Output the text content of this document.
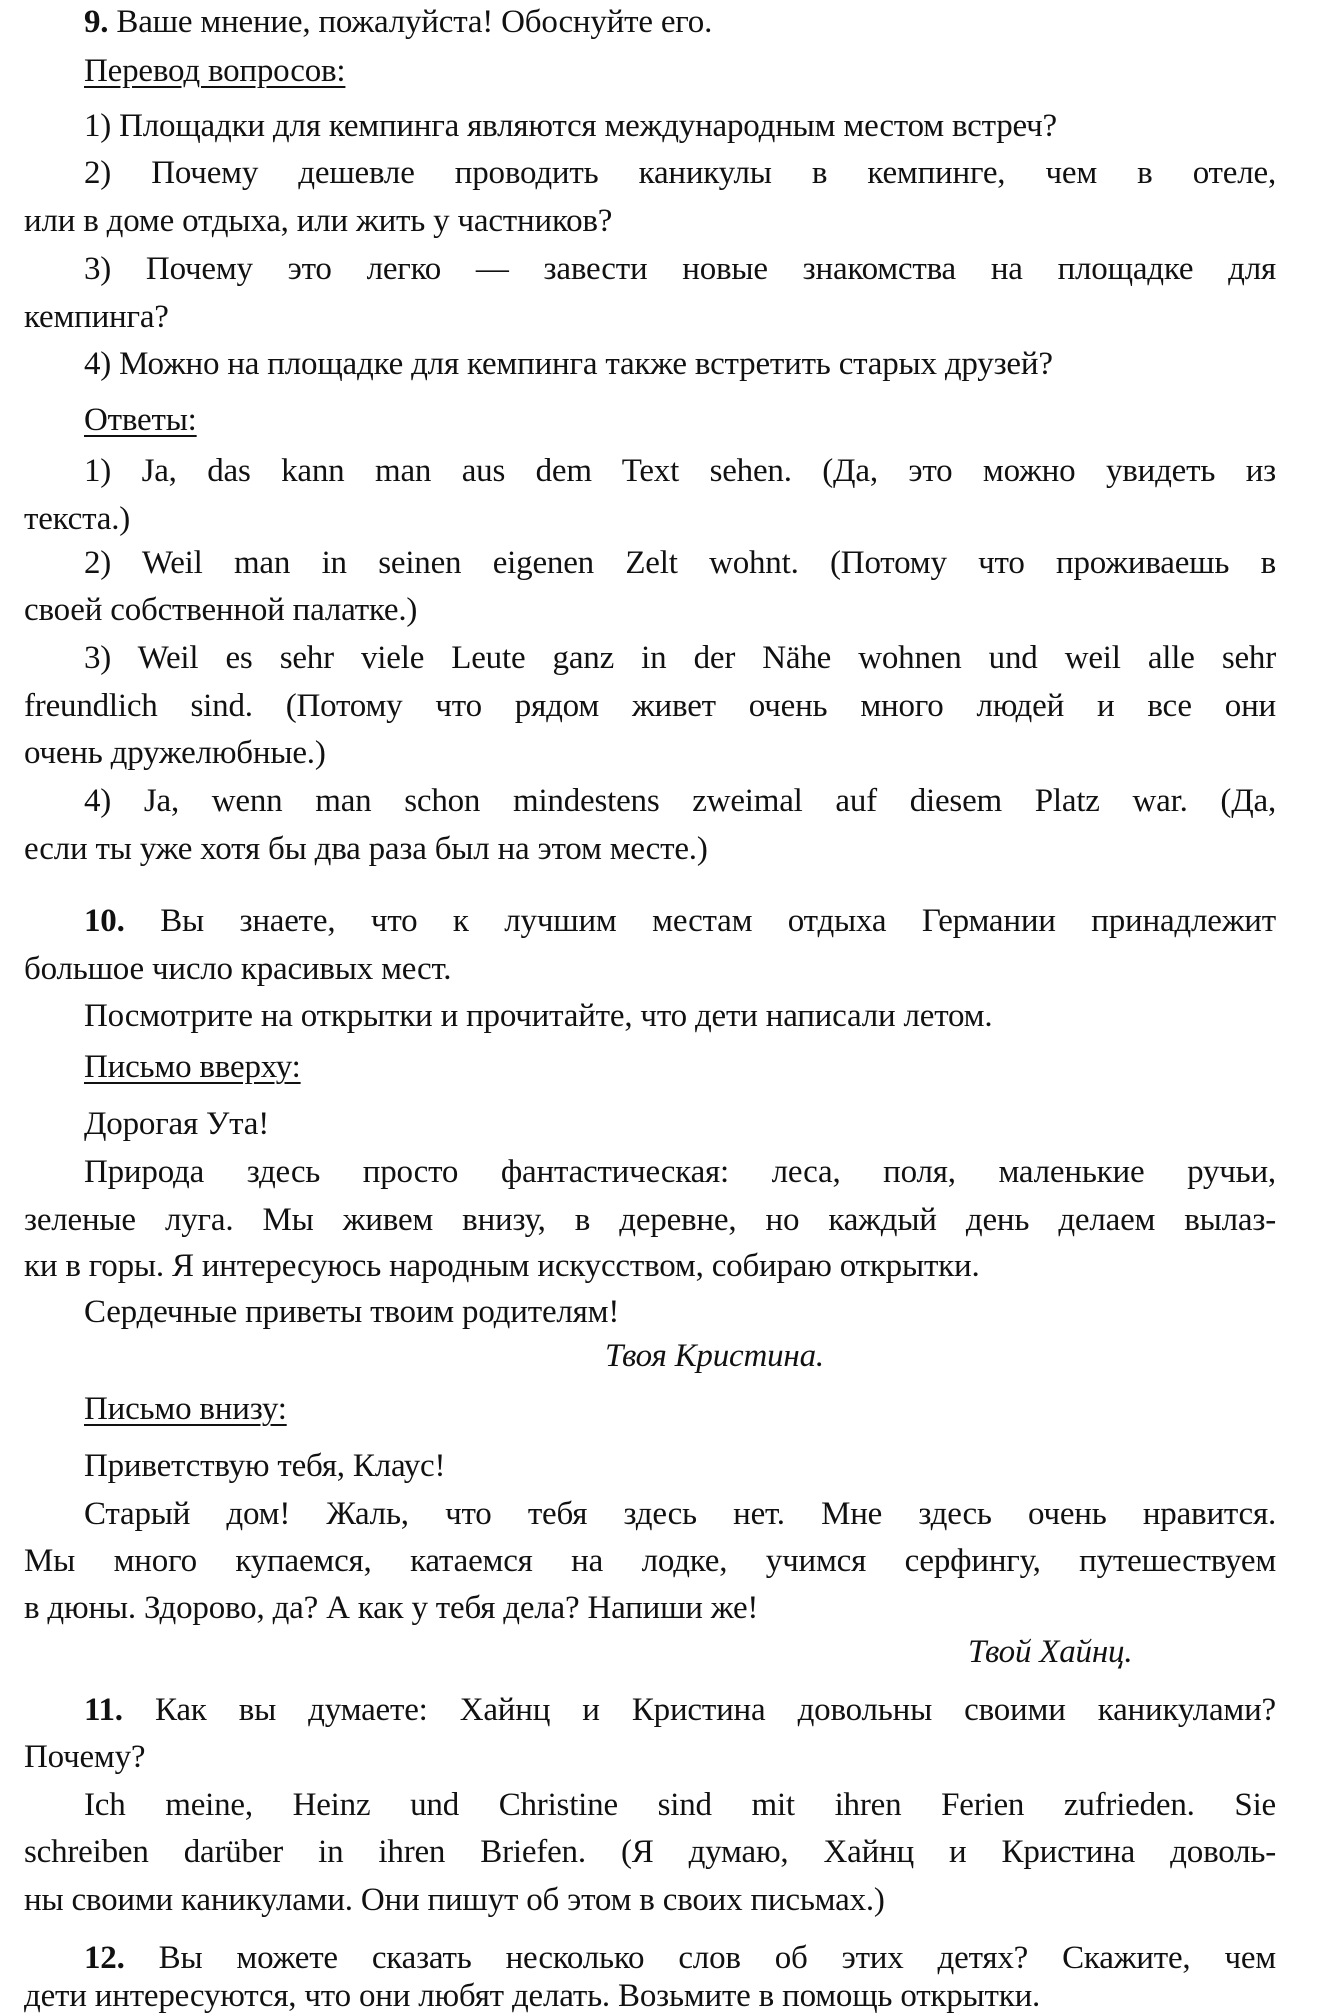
9. Ваше мнение, пожалуйста! Обоснуйте его.
Перевод вопросов:
1) Площадки для кемпинга являются международным местом встреч?
2) Почему дешевле проводить каникулы в кемпинге, чем в отеле,
или в доме отдыха, или жить у частников?
3) Почему это легко — завести новые знакомства на площадке для
кемпинга?
4) Можно на площадке для кемпинга также встретить старых друзей?
Ответы:
1) Ja, das kann man aus dem Text sehen. (Да, это можно увидеть из
текста.)
2) Weil man in seinen eigenen Zelt wohnt. (Потому что проживаешь в
своей собственной палатке.)
3) Weil es sehr viele Leute ganz in der Nähe wohnen und weil alle sehr
freundlich sind. (Потому что рядом живет очень много людей и все они
очень дружелюбные.)
4) Ja, wenn man schon mindestens zweimal auf diesem Platz war. (Да,
если ты уже хотя бы два раза был на этом месте.)
10. Вы знаете, что к лучшим местам отдыха Германии принадлежит
большое число красивых мест.
Посмотрите на открытки и прочитайте, что дети написали летом.
Письмо вверху:
Дорогая Ута!
Природа здесь просто фантастическая: леса, поля, маленькие ручьи,
зеленые луга. Мы живем внизу, в деревне, но каждый день делаем вылаз-
ки в горы. Я интересуюсь народным искусством, собираю открытки.
Сердечные приветы твоим родителям!
Твоя Кристина.
Письмо внизу:
Приветствую тебя, Клаус!
Старый дом! Жаль, что тебя здесь нет. Мне здесь очень нравится.
Мы много купаемся, катаемся на лодке, учимся серфингу, путешествуем
в дюны. Здорово, да? А как у тебя дела? Напиши же!
Твой Хайнц.
11. Как вы думаете: Хайнц и Кристина довольны своими каникулами?
Почему?
Ich meine, Heinz und Christine sind mit ihren Ferien zufrieden. Sie
schreiben darüber in ihren Briefen. (Я думаю, Хайнц и Кристина доволь-
ны своими каникулами. Они пишут об этом в своих письмах.)
12. Вы можете сказать несколько слов об этих детях? Скажите, чем
дети интересуются, что они любят делать. Возьмите в помощь открытки.
